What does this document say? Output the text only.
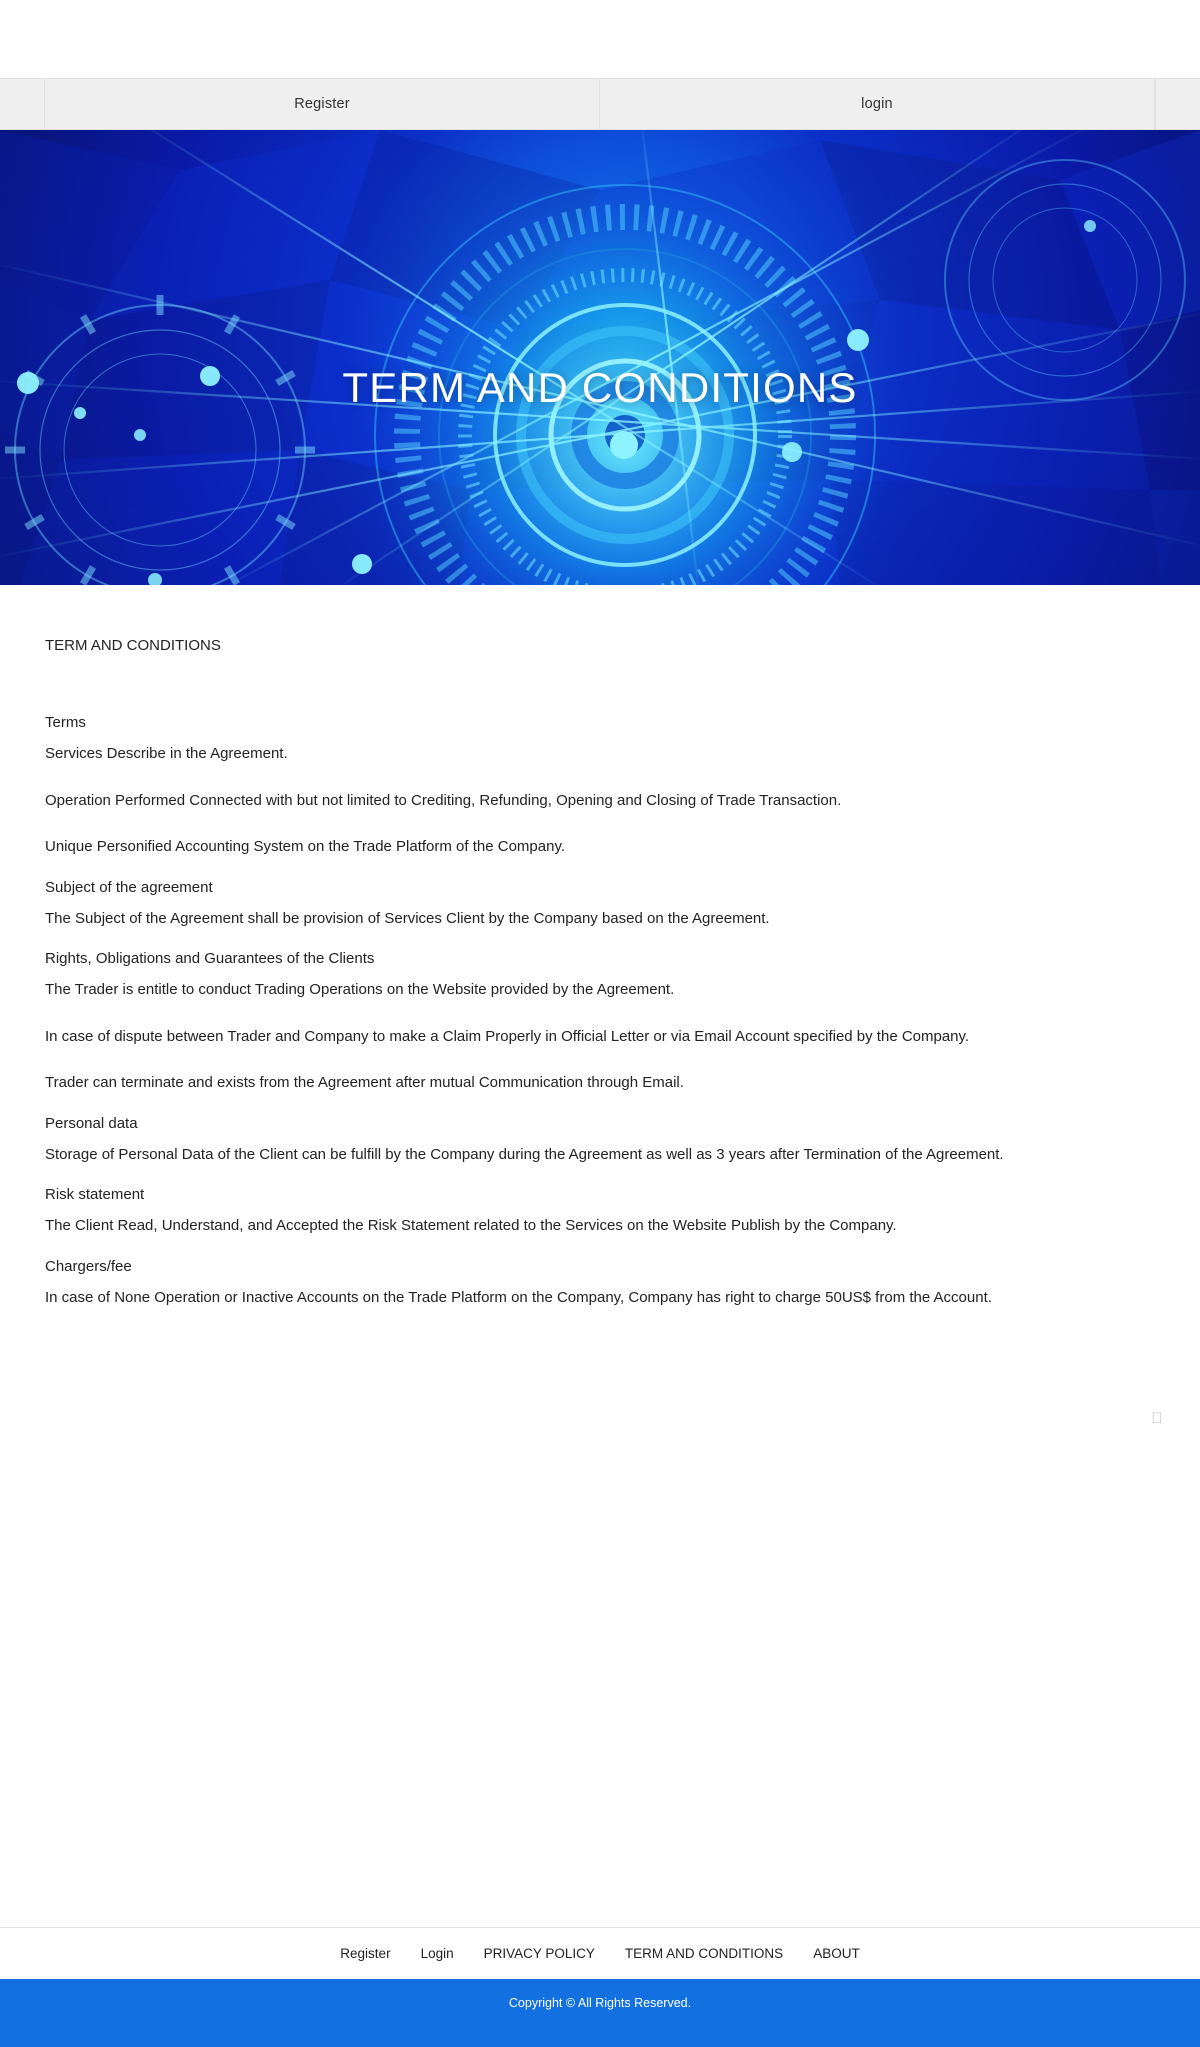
Register	login
TERM AND CONDITIONS
TERM AND CONDITIONS
Terms

Services Describe in the Agreement.

Operation Performed Connected with but not limited to Crediting, Refunding, Opening and Closing of Trade Transaction.

Unique Personified Accounting System on the Trade Platform of the Company.

Subject of the agreement

The Subject of the Agreement shall be provision of Services Client by the Company based on the Agreement.

Rights, Obligations and Guarantees of the Clients

The Trader is entitle to conduct Trading Operations on the Website provided by the Agreement.

In case of dispute between Trader and Company to make a Claim Properly in Official Letter or via Email Account specified by the Company.

Trader can terminate and exists from the Agreement after mutual Communication through Email.

Personal data

Storage of Personal Data of the Client can be fulfill by the Company during the Agreement as well as 3 years after Termination of the Agreement.

Risk statement

The Client Read, Understand, and Accepted the Risk Statement related to the Services on the Website Publish by the Company.

Chargers/fee

In case of None Operation or Inactive Accounts on the Trade Platform on the Company, Company has right to charge 50US$ from the Account.

Register Login PRIVACY POLICY TERM AND CONDITIONS ABOUT
Copyright © All Rights Reserved.
